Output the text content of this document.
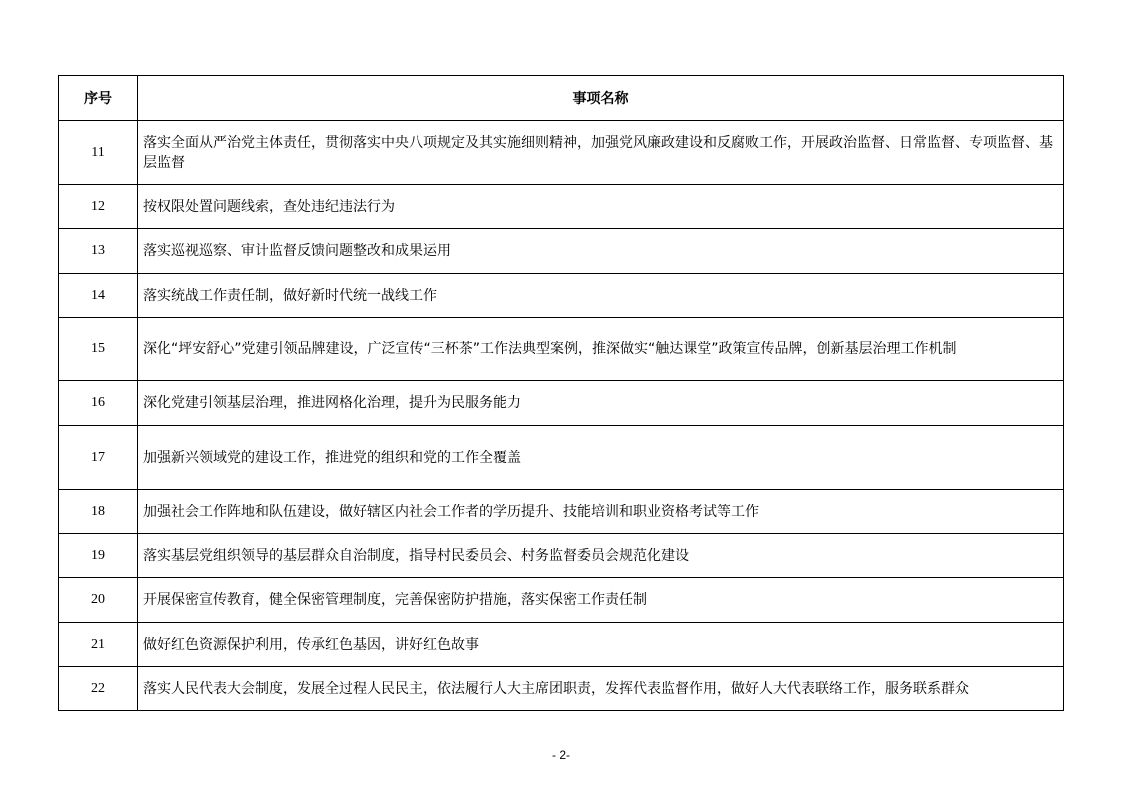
序号	事项名称
11	落实全面从严治党主体责任，贯彻落实中央八项规定及其实施细则精神，加强党风廉政建设和反腐败工作，开展政治监督、日常监督、专项监督、基层监督
12	按权限处置问题线索，查处违纪违法行为
13	落实巡视巡察、审计监督反馈问题整改和成果运用
14	落实统战工作责任制，做好新时代统一战线工作
15	深化“坪安舒心”党建引领品牌建设，广泛宣传“三杯茶”工作法典型案例，推深做实“触达课堂”政策宣传品牌，创新基层治理工作机制
16	深化党建引领基层治理，推进网格化治理，提升为民服务能力
17	加强新兴领域党的建设工作，推进党的组织和党的工作全覆盖
18	加强社会工作阵地和队伍建设，做好辖区内社会工作者的学历提升、技能培训和职业资格考试等工作
19	落实基层党组织领导的基层群众自治制度，指导村民委员会、村务监督委员会规范化建设
20	开展保密宣传教育，健全保密管理制度，完善保密防护措施，落实保密工作责任制
21	做好红色资源保护利用，传承红色基因，讲好红色故事
22	落实人民代表大会制度，发展全过程人民民主，依法履行人大主席团职责，发挥代表监督作用，做好人大代表联络工作，服务联系群众
- 2-
